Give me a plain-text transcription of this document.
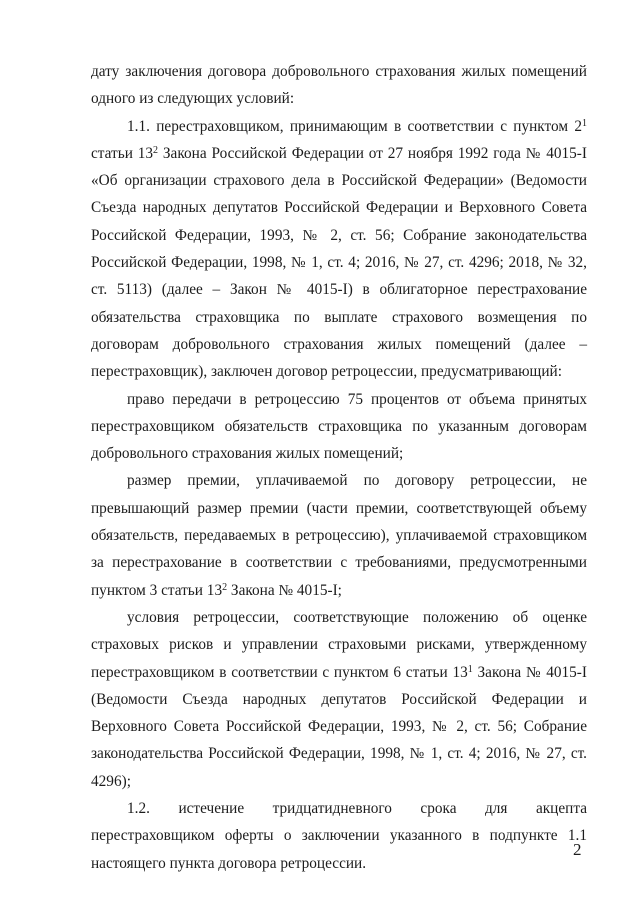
дату заключения договора добровольного страхования жилых помещений одного из следующих условий:

1.1. перестраховщиком, принимающим в соответствии с пунктом $2^1$ статьи $13^2$ Закона Российской Федерации от 27 ноября 1992 года № 4015-I «Об организации страхового дела в Российской Федерации» (Ведомости Съезда народных депутатов Российской Федерации и Верховного Совета Российской Федерации, 1993, № 2, ст. 56; Собрание законодательства Российской Федерации, 1998, № 1, ст. 4; 2016, № 27, ст. 4296; 2018, № 32, ст. 5113) (далее – Закон № 4015-I) в облигаторное перестрахование обязательства страховщика по выплате страхового возмещения по договорам добровольного страхования жилых помещений (далее – перестраховщик), заключен договор ретроцессии, предусматривающий:

право передачи в ретроцессию 75 процентов от объема принятых перестраховщиком обязательств страховщика по указанным договорам добровольного страхования жилых помещений;

размер премии, уплачиваемой по договору ретроцессии, не превышающий размер премии (части премии, соответствующей объему обязательств, передаваемых в ретроцессию), уплачиваемой страховщиком за перестрахование в соответствии с требованиями, предусмотренными пунктом 3 статьи $13^2$ Закона № 4015-I;

условия ретроцессии, соответствующие положению об оценке страховых рисков и управлении страховыми рисками, утвержденному перестраховщиком в соответствии с пунктом 6 статьи $13^1$ Закона № 4015-I (Ведомости Съезда народных депутатов Российской Федерации и Верховного Совета Российской Федерации, 1993, № 2, ст. 56; Собрание законодательства Российской Федерации, 1998, № 1, ст. 4; 2016, № 27, ст. 4296);

1.2. истечение тридцатидневного срока для акцепта перестраховщиком оферты о заключении указанного в подпункте 1.1 настоящего пункта договора ретроцессии.

2
